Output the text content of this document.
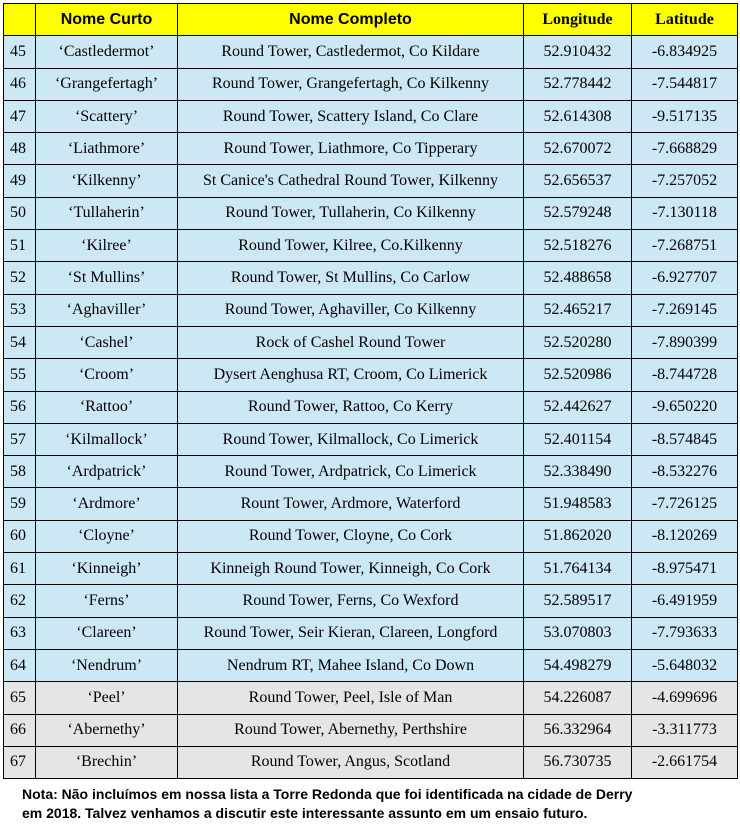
	Nome Curto	Nome Completo	Longitude	Latitude
45	‘Castledermot’	Round Tower, Castledermot, Co Kildare	52.910432	-6.834925
46	‘Grangefertagh’	Round Tower, Grangefertagh, Co Kilkenny	52.778442	-7.544817
47	‘Scattery’	Round Tower, Scattery Island, Co Clare	52.614308	-9.517135
48	‘Liathmore’	Round Tower, Liathmore, Co Tipperary	52.670072	-7.668829
49	‘Kilkenny’	St Canice's Cathedral Round Tower, Kilkenny	52.656537	-7.257052
50	‘Tullaherin’	Round Tower, Tullaherin, Co Kilkenny	52.579248	-7.130118
51	‘Kilree’	Round Tower, Kilree, Co.Kilkenny	52.518276	-7.268751
52	‘St Mullins’	Round Tower, St Mullins, Co Carlow	52.488658	-6.927707
53	‘Aghaviller’	Round Tower, Aghaviller, Co Kilkenny	52.465217	-7.269145
54	‘Cashel’	Rock of Cashel Round Tower	52.520280	-7.890399
55	‘Croom’	Dysert Aenghusa RT, Croom, Co Limerick	52.520986	-8.744728
56	‘Rattoo’	Round Tower, Rattoo, Co Kerry	52.442627	-9.650220
57	‘Kilmallock’	Round Tower, Kilmallock, Co Limerick	52.401154	-8.574845
58	‘Ardpatrick’	Round Tower, Ardpatrick, Co Limerick	52.338490	-8.532276
59	‘Ardmore’	Rount Tower, Ardmore, Waterford	51.948583	-7.726125
60	‘Cloyne’	Round Tower, Cloyne, Co Cork	51.862020	-8.120269
61	‘Kinneigh’	Kinneigh Round Tower, Kinneigh, Co Cork	51.764134	-8.975471
62	‘Ferns’	Round Tower, Ferns, Co Wexford	52.589517	-6.491959
63	‘Clareen’	Round Tower, Seir Kieran, Clareen, Longford	53.070803	-7.793633
64	‘Nendrum’	Nendrum RT, Mahee Island, Co Down	54.498279	-5.648032
65	‘Peel’	Round Tower, Peel, Isle of Man	54.226087	-4.699696
66	‘Abernethy’	Round Tower, Abernethy, Perthshire	56.332964	-3.311773
67	‘Brechin’	Round Tower, Angus, Scotland	56.730735	-2.661754

Nota: Não incluímos em nossa lista a Torre Redonda que foi identificada na cidade de Derry
em 2018. Talvez venhamos a discutir este interessante assunto em um ensaio futuro.
